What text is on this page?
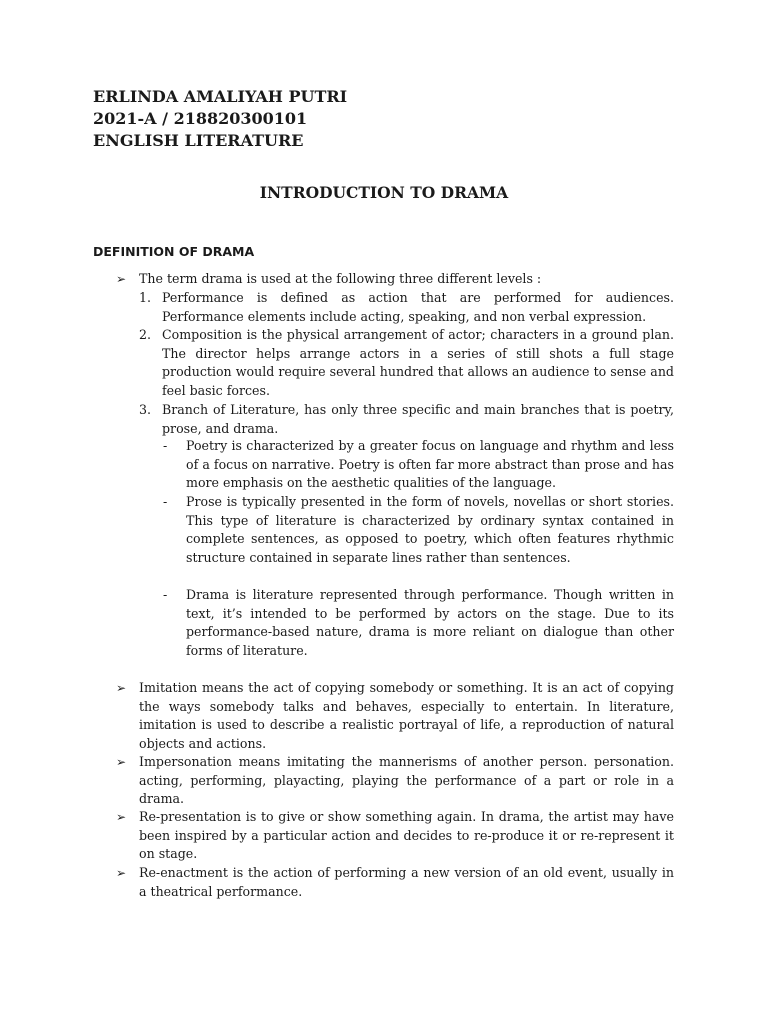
ERLINDA AMALIYAH PUTRI
2021-A / 218820300101
ENGLISH LITERATURE
INTRODUCTION TO DRAMA
DEFINITION OF DRAMA
➢ The term drama is used at the following three different levels :
1. Performance is defined as action that are performed for audiences. Performance elements include acting, speaking, and non verbal expression.
2. Composition is the physical arrangement of actor; characters in a ground plan. The director helps arrange actors in a series of still shots a full stage production would require several hundred that allows an audience to sense and feel basic forces.
3. Branch of Literature, has only three specific and main branches that is poetry, prose, and drama.
- Poetry is characterized by a greater focus on language and rhythm and less of a focus on narrative. Poetry is often far more abstract than prose and has more emphasis on the aesthetic qualities of the language.
- Prose is typically presented in the form of novels, novellas or short stories. This type of literature is characterized by ordinary syntax contained in complete sentences, as opposed to poetry, which often features rhythmic structure contained in separate lines rather than sentences.
- Drama is literature represented through performance. Though written in text, it’s intended to be performed by actors on the stage. Due to its performance-based nature, drama is more reliant on dialogue than other forms of literature.
➢ Imitation means the act of copying somebody or something. It is an act of copying the ways somebody talks and behaves, especially to entertain. In literature, imitation is used to describe a realistic portrayal of life, a reproduction of natural objects and actions.
➢ Impersonation means imitating the mannerisms of another person. personation. acting, performing, playacting, playing the performance of a part or role in a drama.
➢ Re-presentation is to give or show something again. In drama, the artist may have been inspired by a particular action and decides to re-produce it or re-represent it on stage.
➢ Re-enactment is the action of performing a new version of an old event, usually in a theatrical performance.
